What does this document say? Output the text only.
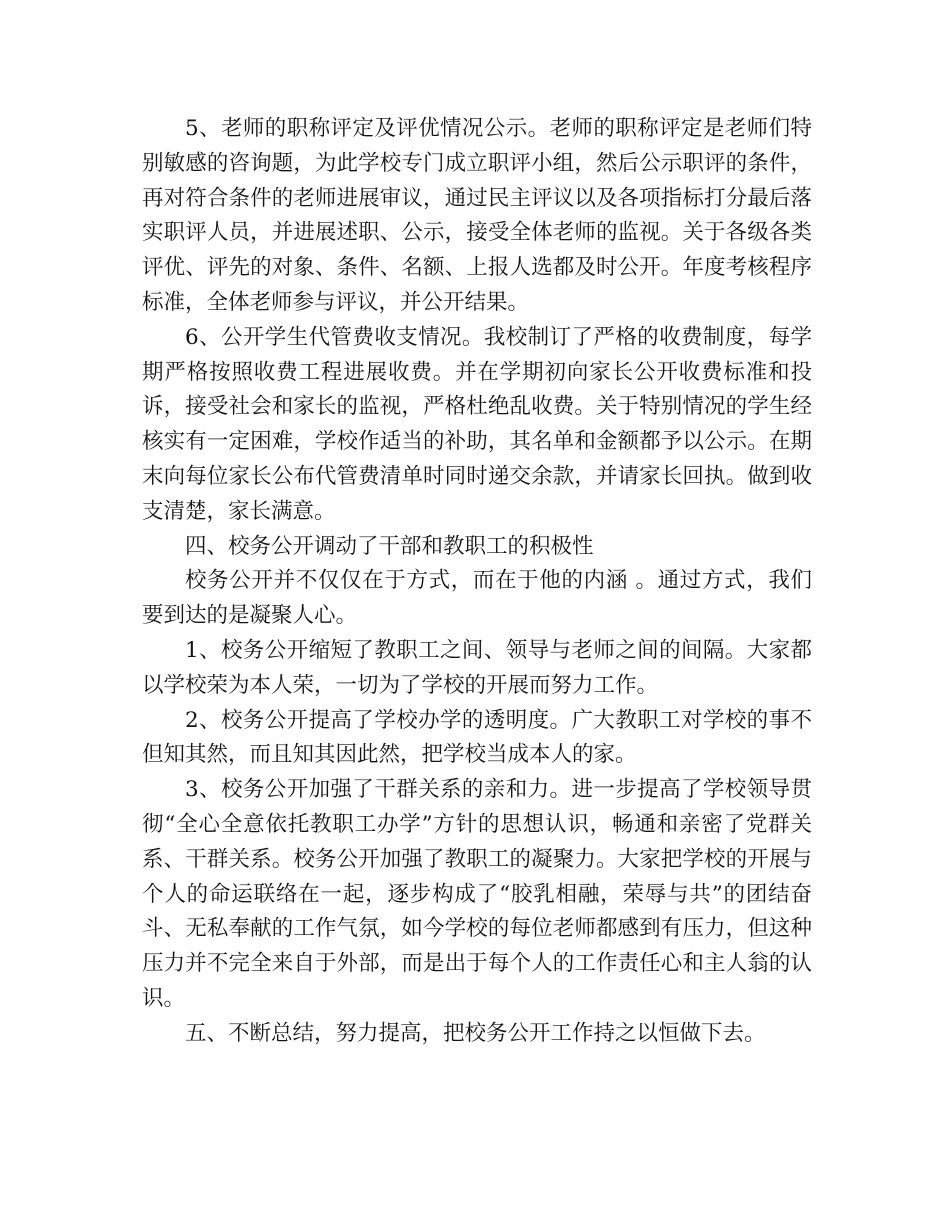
5、老师的职称评定及评优情况公示。老师的职称评定是老师们特别敏感的咨询题，为此学校专门成立职评小组，然后公示职评的条件，再对符合条件的老师进展审议，通过民主评议以及各项指标打分最后落实职评人员，并进展述职、公示，接受全体老师的监视。关于各级各类评优、评先的对象、条件、名额、上报人选都及时公开。年度考核程序标准，全体老师参与评议，并公开结果。

6、公开学生代管费收支情况。我校制订了严格的收费制度，每学期严格按照收费工程进展收费。并在学期初向家长公开收费标准和投诉，接受社会和家长的监视，严格杜绝乱收费。关于特别情况的学生经核实有一定困难，学校作适当的补助，其名单和金额都予以公示。在期末向每位家长公布代管费清单时同时递交余款，并请家长回执。做到收支清楚，家长满意。

四、校务公开调动了干部和教职工的积极性

校务公开并不仅仅在于方式，而在于他的内涵 。通过方式，我们要到达的是凝聚人心。

1、校务公开缩短了教职工之间、领导与老师之间的间隔。大家都以学校荣为本人荣，一切为了学校的开展而努力工作。

2、校务公开提高了学校办学的透明度。广大教职工对学校的事不但知其然，而且知其因此然，把学校当成本人的家。

3、校务公开加强了干群关系的亲和力。进一步提高了学校领导贯彻“全心全意依托教职工办学”方针的思想认识，畅通和亲密了党群关系、干群关系。校务公开加强了教职工的凝聚力。大家把学校的开展与个人的命运联络在一起，逐步构成了“胶乳相融，荣辱与共”的团结奋斗、无私奉献的工作气氛，如今学校的每位老师都感到有压力，但这种压力并不完全来自于外部，而是出于每个人的工作责任心和主人翁的认识。

五、不断总结，努力提高，把校务公开工作持之以恒做下去。
